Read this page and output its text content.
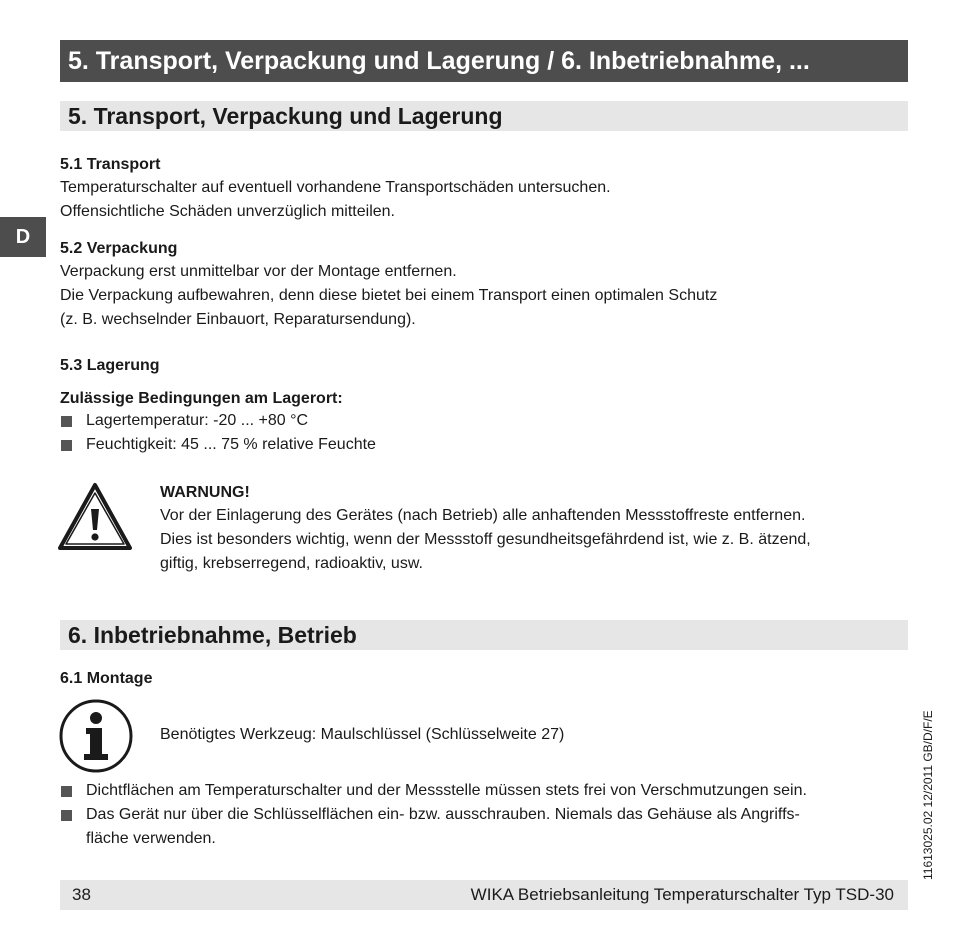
5. Transport, Verpackung und Lagerung / 6. Inbetriebnahme, ...
D
5. Transport, Verpackung und Lagerung
5.1 Transport
Temperaturschalter auf eventuell vorhandene Transportschäden untersuchen.
Offensichtliche Schäden unverzüglich mitteilen.
5.2 Verpackung
Verpackung erst unmittelbar vor der Montage entfernen.
Die Verpackung aufbewahren, denn diese bietet bei einem Transport einen optimalen Schutz
(z. B. wechselnder Einbauort, Reparatursendung).
5.3 Lagerung
Zulässige Bedingungen am Lagerort:
Lagertemperatur: -20 ... +80 °C
Feuchtigkeit: 45 ... 75 % relative Feuchte
WARNUNG!
Vor der Einlagerung des Gerätes (nach Betrieb) alle anhaftenden Messstoffreste entfernen.
Dies ist besonders wichtig, wenn der Messstoff gesundheitsgefährdend ist, wie z. B. ätzend,
giftig, krebserregend, radioaktiv, usw.
6. Inbetriebnahme, Betrieb
6.1 Montage
Benötigtes Werkzeug: Maulschlüssel (Schlüsselweite 27)
Dichtflächen am Temperaturschalter und der Messstelle müssen stets frei von Verschmutzungen sein.
Das Gerät nur über die Schlüsselflächen ein- bzw. ausschrauben. Niemals das Gehäuse als Angriffs-
fläche verwenden.
38	WIKA Betriebsanleitung Temperaturschalter Typ TSD-30
11613025.02 12/2011 GB/D/F/E
